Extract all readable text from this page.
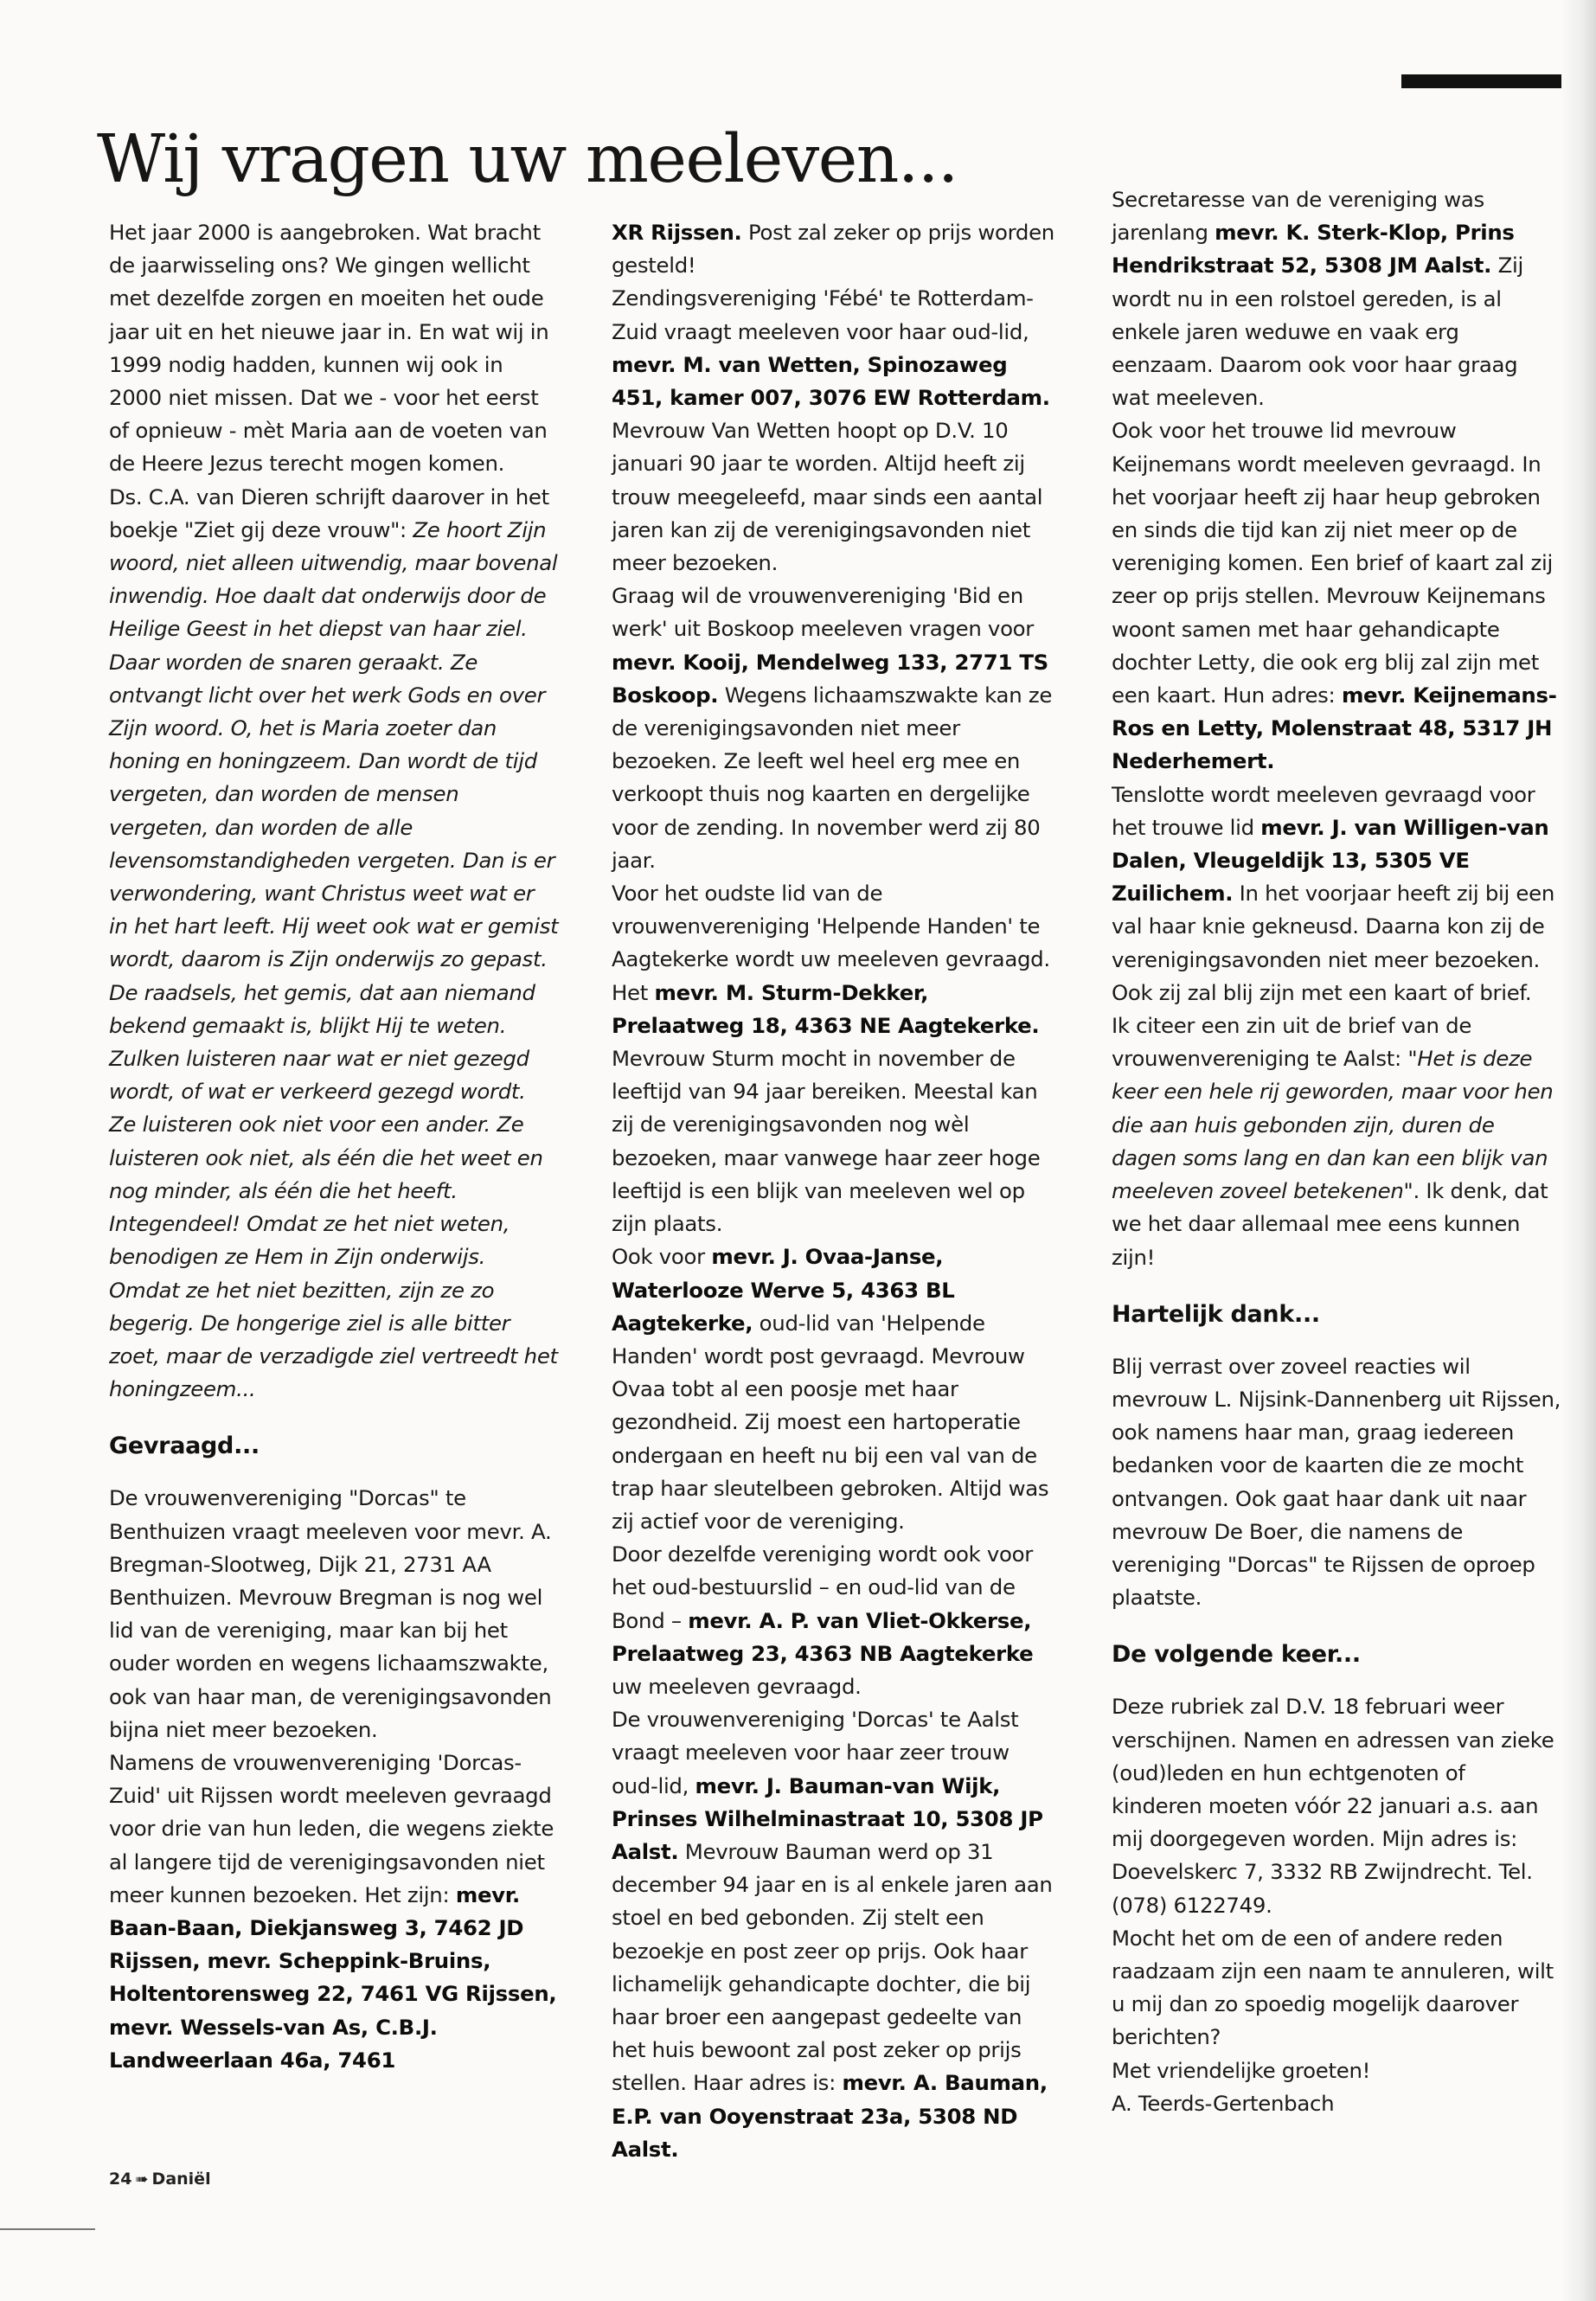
Wij vragen uw meeleven...

Het jaar 2000 is aangebroken. Wat bracht de jaarwisseling ons? We gingen wellicht met dezelfde zorgen en moeiten het oude jaar uit en het nieuwe jaar in. En wat wij in 1999 nodig hadden, kunnen wij ook in 2000 niet missen. Dat we - voor het eerst of opnieuw - mèt Maria aan de voeten van de Heere Jezus terecht mogen komen.

Ds. C.A. van Dieren schrijft daarover in het boekje "Ziet gij deze vrouw": Ze hoort Zijn woord, niet alleen uitwendig, maar bovenal inwendig. Hoe daalt dat onderwijs door de Heilige Geest in het diepst van haar ziel. Daar worden de snaren geraakt. Ze ontvangt licht over het werk Gods en over Zijn woord. O, het is Maria zoeter dan honing en honingzeem. Dan wordt de tijd vergeten, dan worden de mensen vergeten, dan worden de alle levensomstandigheden vergeten. Dan is er verwondering, want Christus weet wat er in het hart leeft. Hij weet ook wat er gemist wordt, daarom is Zijn onderwijs zo gepast. De raadsels, het gemis, dat aan niemand bekend gemaakt is, blijkt Hij te weten. Zulken luisteren naar wat er niet gezegd wordt, of wat er verkeerd gezegd wordt. Ze luisteren ook niet voor een ander. Ze luisteren ook niet, als één die het weet en nog minder, als één die het heeft. Integendeel! Omdat ze het niet weten, benodigen ze Hem in Zijn onderwijs. Omdat ze het niet bezitten, zijn ze zo begerig. De hongerige ziel is alle bitter zoet, maar de verzadigde ziel vertreedt het honingzeem...

Gevraagd...

De vrouwenvereniging "Dorcas" te Benthuizen vraagt meeleven voor mevr. A. Bregman-Slootweg, Dijk 21, 2731 AA Benthuizen. Mevrouw Bregman is nog wel lid van de vereniging, maar kan bij het ouder worden en wegens lichaamszwakte, ook van haar man, de verenigingsavonden bijna niet meer bezoeken.

Namens de vrouwenvereniging 'Dorcas-Zuid' uit Rijssen wordt meeleven gevraagd voor drie van hun leden, die wegens ziekte al langere tijd de verenigingsavonden niet meer kunnen bezoeken. Het zijn: mevr. Baan-Baan, Diekjansweg 3, 7462 JD Rijssen, mevr. Scheppink-Bruins, Holtentorensweg 22, 7461 VG Rijssen, mevr. Wessels-van As, C.B.J. Landweerlaan 46a, 7461

XR Rijssen. Post zal zeker op prijs worden gesteld!

Zendingsvereniging 'Fébé' te Rotterdam-Zuid vraagt meeleven voor haar oud-lid, mevr. M. van Wetten, Spinozaweg 451, kamer 007, 3076 EW Rotterdam. Mevrouw Van Wetten hoopt op D.V. 10 januari 90 jaar te worden. Altijd heeft zij trouw meegeleefd, maar sinds een aantal jaren kan zij de verenigingsavonden niet meer bezoeken.

Graag wil de vrouwenvereniging 'Bid en werk' uit Boskoop meeleven vragen voor mevr. Kooij, Mendelweg 133, 2771 TS Boskoop. Wegens lichaamszwakte kan ze de verenigingsavonden niet meer bezoeken. Ze leeft wel heel erg mee en verkoopt thuis nog kaarten en dergelijke voor de zending. In november werd zij 80 jaar.

Voor het oudste lid van de vrouwenvereniging 'Helpende Handen' te Aagtekerke wordt uw meeleven gevraagd. Het mevr. M. Sturm-Dekker, Prelaatweg 18, 4363 NE Aagtekerke.

Mevrouw Sturm mocht in november de leeftijd van 94 jaar bereiken. Meestal kan zij de verenigingsavonden nog wèl bezoeken, maar vanwege haar zeer hoge leeftijd is een blijk van meeleven wel op zijn plaats.

Ook voor mevr. J. Ovaa-Janse, Waterlooze Werve 5, 4363 BL Aagtekerke, oud-lid van 'Helpende Handen' wordt post gevraagd. Mevrouw Ovaa tobt al een poosje met haar gezondheid. Zij moest een hartoperatie ondergaan en heeft nu bij een val van de trap haar sleutelbeen gebroken. Altijd was zij actief voor de vereniging.

Door dezelfde vereniging wordt ook voor het oud-bestuurslid – en oud-lid van de Bond – mevr. A. P. van Vliet-Okkerse, Prelaatweg 23, 4363 NB Aagtekerke uw meeleven gevraagd.

De vrouwenvereniging 'Dorcas' te Aalst vraagt meeleven voor haar zeer trouw oud-lid, mevr. J. Bauman-van Wijk, Prinses Wilhelminastraat 10, 5308 JP Aalst. Mevrouw Bauman werd op 31 december 94 jaar en is al enkele jaren aan stoel en bed gebonden. Zij stelt een bezoekje en post zeer op prijs. Ook haar lichamelijk gehandicapte dochter, die bij haar broer een aangepast gedeelte van het huis bewoont zal post zeker op prijs stellen. Haar adres is: mevr. A. Bauman, E.P. van Ooyenstraat 23a, 5308 ND Aalst.

Secretaresse van de vereniging was jarenlang mevr. K. Sterk-Klop, Prins Hendrikstraat 52, 5308 JM Aalst. Zij wordt nu in een rolstoel gereden, is al enkele jaren weduwe en vaak erg eenzaam. Daarom ook voor haar graag wat meeleven.

Ook voor het trouwe lid mevrouw Keijnemans wordt meeleven gevraagd. In het voorjaar heeft zij haar heup gebroken en sinds die tijd kan zij niet meer op de vereniging komen. Een brief of kaart zal zij zeer op prijs stellen. Mevrouw Keijnemans woont samen met haar gehandicapte dochter Letty, die ook erg blij zal zijn met een kaart. Hun adres: mevr. Keijnemans-Ros en Letty, Molenstraat 48, 5317 JH Nederhemert.

Tenslotte wordt meeleven gevraagd voor het trouwe lid mevr. J. van Willigen-van Dalen, Vleugeldijk 13, 5305 VE Zuilichem. In het voorjaar heeft zij bij een val haar knie gekneusd. Daarna kon zij de verenigingsavonden niet meer bezoeken. Ook zij zal blij zijn met een kaart of brief.

Ik citeer een zin uit de brief van de vrouwenvereniging te Aalst: "Het is deze keer een hele rij geworden, maar voor hen die aan huis gebonden zijn, duren de dagen soms lang en dan kan een blijk van meeleven zoveel betekenen". Ik denk, dat we het daar allemaal mee eens kunnen zijn!

Hartelijk dank...

Blij verrast over zoveel reacties wil mevrouw L. Nijsink-Dannenberg uit Rijssen, ook namens haar man, graag iedereen bedanken voor de kaarten die ze mocht ontvangen. Ook gaat haar dank uit naar mevrouw De Boer, die namens de vereniging "Dorcas" te Rijssen de oproep plaatste.

De volgende keer...

Deze rubriek zal D.V. 18 februari weer verschijnen. Namen en adressen van zieke (oud)leden en hun echtgenoten of kinderen moeten vóór 22 januari a.s. aan mij doorgegeven worden. Mijn adres is: Doevelskerc 7, 3332 RB Zwijndrecht. Tel. (078) 6122749.

Mocht het om de een of andere reden raadzaam zijn een naam te annuleren, wilt u mij dan zo spoedig mogelijk daarover berichten?

Met vriendelijke groeten!

A. Teerds-Gertenbach

24 ➠ Daniël
